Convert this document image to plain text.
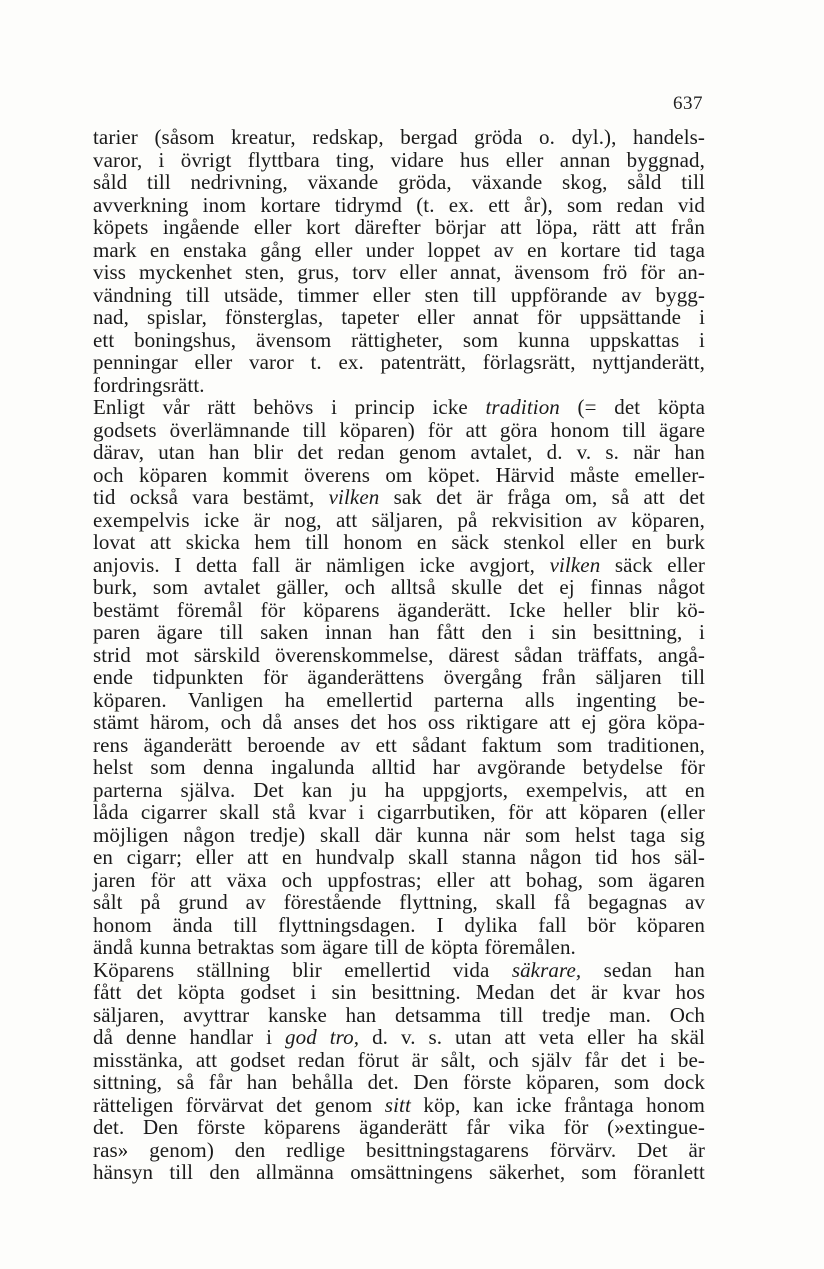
637
tarier (såsom kreatur, redskap, bergad gröda o. dyl.), handels-
varor, i övrigt flyttbara ting, vidare hus eller annan byggnad,
såld till nedrivning, växande gröda, växande skog, såld till
avverkning inom kortare tidrymd (t. ex. ett år), som redan vid
köpets ingående eller kort därefter börjar att löpa, rätt att från
mark en enstaka gång eller under loppet av en kortare tid taga
viss myckenhet sten, grus, torv eller annat, ävensom frö för an-
vändning till utsäde, timmer eller sten till uppförande av bygg-
nad, spislar, fönsterglas, tapeter eller annat för uppsättande i
ett boningshus, ävensom rättigheter, som kunna uppskattas i
penningar eller varor t. ex. patenträtt, förlagsrätt, nyttjanderätt,
fordringsrätt.
Enligt vår rätt behövs i princip icke tradition (= det köpta
godsets överlämnande till köparen) för att göra honom till ägare
därav, utan han blir det redan genom avtalet, d. v. s. när han
och köparen kommit överens om köpet. Härvid måste emeller-
tid också vara bestämt, vilken sak det är fråga om, så att det
exempelvis icke är nog, att säljaren, på rekvisition av köparen,
lovat att skicka hem till honom en säck stenkol eller en burk
anjovis. I detta fall är nämligen icke avgjort, vilken säck eller
burk, som avtalet gäller, och alltså skulle det ej finnas något
bestämt föremål för köparens äganderätt. Icke heller blir kö-
paren ägare till saken innan han fått den i sin besittning, i
strid mot särskild överenskommelse, därest sådan träffats, angå-
ende tidpunkten för äganderättens övergång från säljaren till
köparen. Vanligen ha emellertid parterna alls ingenting be-
stämt härom, och då anses det hos oss riktigare att ej göra köpa-
rens äganderätt beroende av ett sådant faktum som traditionen,
helst som denna ingalunda alltid har avgörande betydelse för
parterna själva. Det kan ju ha uppgjorts, exempelvis, att en
låda cigarrer skall stå kvar i cigarrbutiken, för att köparen (eller
möjligen någon tredje) skall där kunna när som helst taga sig
en cigarr; eller att en hundvalp skall stanna någon tid hos säl-
jaren för att växa och uppfostras; eller att bohag, som ägaren
sålt på grund av förestående flyttning, skall få begagnas av
honom ända till flyttningsdagen. I dylika fall bör köparen
ändå kunna betraktas som ägare till de köpta föremålen.
Köparens ställning blir emellertid vida säkrare, sedan han
fått det köpta godset i sin besittning. Medan det är kvar hos
säljaren, avyttrar kanske han detsamma till tredje man. Och
då denne handlar i god tro, d. v. s. utan att veta eller ha skäl
misstänka, att godset redan förut är sålt, och själv får det i be-
sittning, så får han behålla det. Den förste köparen, som dock
rätteligen förvärvat det genom sitt köp, kan icke fråntaga honom
det. Den förste köparens äganderätt får vika för (»extingue-
ras» genom) den redlige besittningstagarens förvärv. Det är
hänsyn till den allmänna omsättningens säkerhet, som föranlett
